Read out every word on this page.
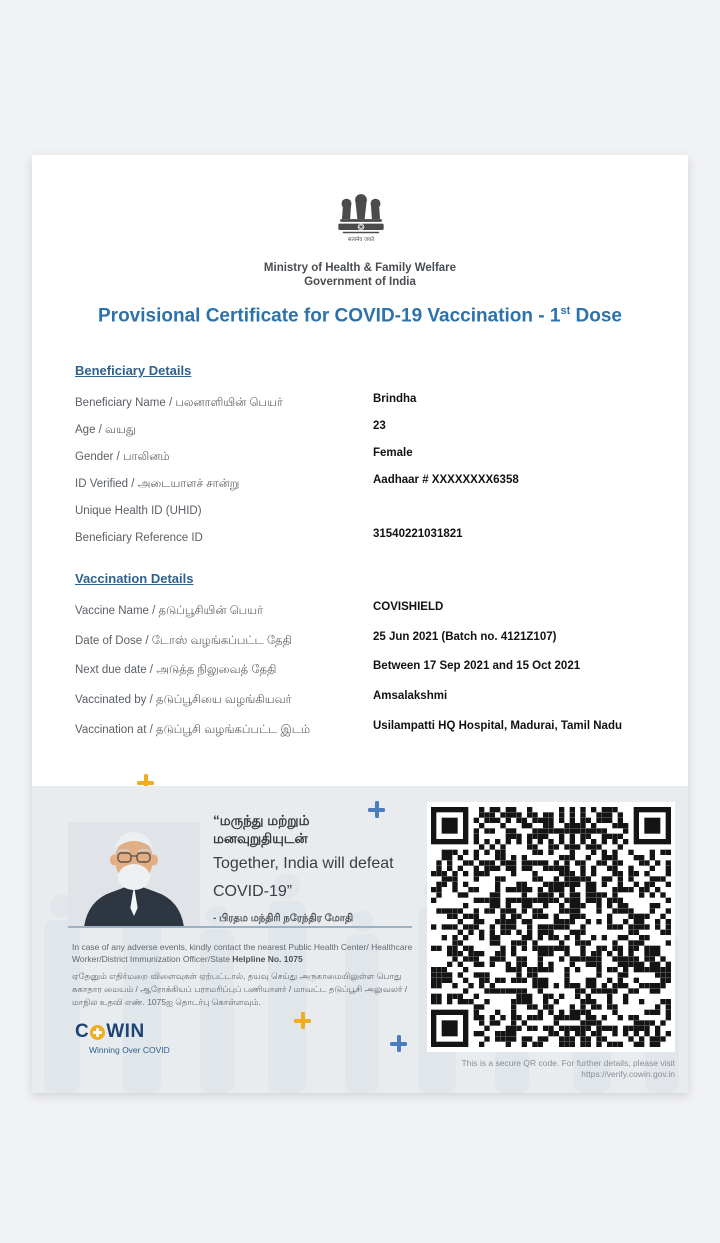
सत्यमेव जयते
Ministry of Health & Family Welfare
Government of India
Provisional Certificate for COVID-19 Vaccination - 1st Dose
Beneficiary Details
Beneficiary Name / பலனாளியின் பெயர்	Brindha
Age / வயது	23
Gender / பாலினம்	Female
ID Verified / அடையாளச் சான்று	Aadhaar # XXXXXXXX6358
Unique Health ID (UHID)
Beneficiary Reference ID	31540221031821
Vaccination Details
Vaccine Name / தடுப்பூசியின் பெயர்	COVISHIELD
Date of Dose / டோஸ் வழங்கப்பட்ட தேதி	25 Jun 2021 (Batch no. 4121Z107)
Next due date / அடுத்த நிலுவைத் தேதி	Between 17 Sep 2021 and 15 Oct 2021
Vaccinated by / தடுப்பூசியை வழங்கியவர்	Amsalakshmi
Vaccination at / தடுப்பூசி வழங்கப்பட்ட இடம்	Usilampatti HQ Hospital, Madurai, Tamil Nadu
“மருந்து மற்றும்
மனவுறுதியுடன்
Together, India will defeat
COVID-19”
- பிரதம மந்திரி நரேந்திர மோதி
In case of any adverse events, kindly contact the nearest Public Health Center/ Healthcare Worker/District Immunization Officer/State Helpline No. 1075
ஏதேனும் எதிர்மறை விளைவுகள் ஏற்பட்டால், தயவு செய்து அருகாமையிலுள்ள பொது சுகாதார மையம் / ஆரோக்கியப் பராமரிப்புப் பணியாளர் / மாவட்ட தடுப்பூசி அலுவலர் / மாநில உதவி எண். 1075ஐ தொடர்பு கொள்ளவும்.
C WIN
Winning Over COVID
This is a secure QR code. For further details, please visit
https://verify.cowin.gov.in
